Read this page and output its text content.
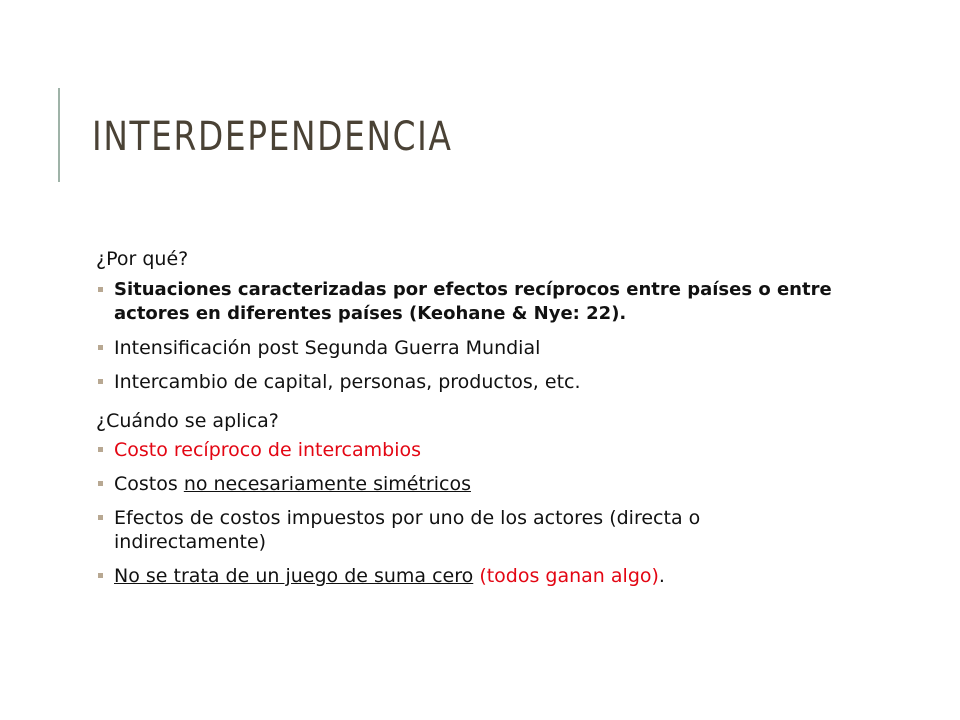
INTERDEPENDENCIA
¿Por qué?
Situaciones caracterizadas por efectos recíprocos entre países o entre actores en diferentes países (Keohane & Nye: 22).
Intensificación post Segunda Guerra Mundial
Intercambio de capital, personas, productos, etc.
¿Cuándo se aplica?
Costo recíproco de intercambios
Costos no necesariamente simétricos
Efectos de costos impuestos por uno de los actores (directa o indirectamente)
No se trata de un juego de suma cero (todos ganan algo).
